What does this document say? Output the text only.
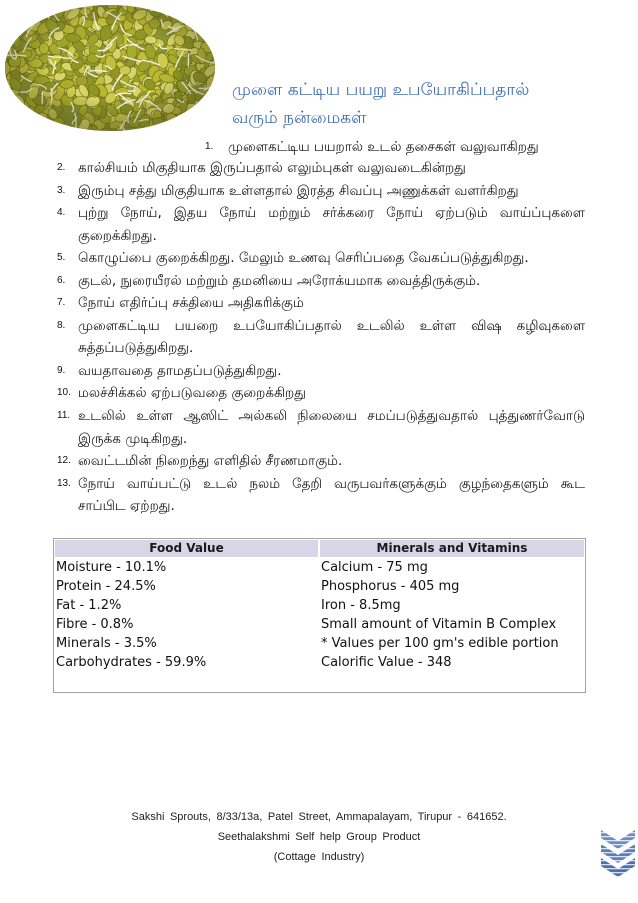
முளை கட்டிய பயறு உபயோகிப்பதால்
வரும் நன்மைகள்
1. முளைகட்டிய பயறால் உடல் தசைகள் வலுவாகிறது
2. கால்சியம் மிகுதியாக இருப்பதால் எலும்புகள் வலுவடைகின்றது
3. இரும்பு சத்து மிகுதியாக உள்ளதால் இரத்த சிவப்பு அணுக்கள் வளர்கிறது
4. புற்று நோய், இதய நோய் மற்றும் சர்க்கரை நோய் ஏற்படும் வாய்ப்புகளை
குறைக்கிறது.
5. கொழுப்பை குறைக்கிறது. மேலும் உணவு செரிப்பதை வேகப்படுத்துகிறது.
6. குடல், நுரையீரல் மற்றும் தமனியை அரோக்யமாக வைத்திருக்கும்.
7. நோய் எதிர்ப்பு சக்தியை அதிகரிக்கும்
8. முளைகட்டிய பயறை உபயோகிப்பதால் உடலில் உள்ள விஷ கழிவுகளை
சுத்தப்படுத்துகிறது.
9. வயதாவதை தாமதப்படுத்துகிறது.
10. மலச்சிக்கல் ஏற்படுவதை குறைக்கிறது
11. உடலில் உள்ள ஆஸிட் அல்கலி நிலையை சமப்படுத்துவதால் புத்துணர்வோடு
இருக்க முடிகிறது.
12. வைட்டமின் நிறைந்து எளிதில் சீரணமாகும்.
13. நோய் வாய்பட்டு உடல் நலம் தேறி வருபவர்களுக்கும் குழந்தைகளும் கூட
சாப்பிட ஏற்றது.
Food Value	Minerals and Vitamins
Moisture - 10.1%	Calcium - 75 mg
Protein - 24.5%	Phosphorus - 405 mg
Fat - 1.2%	Iron - 8.5mg
Fibre - 0.8%	Small amount of Vitamin B Complex
Minerals - 3.5%	* Values per 100 gm's edible portion
Carbohydrates - 59.9%	Calorific Value - 348
Sakshi Sprouts, 8/33/13a, Patel Street, Ammapalayam, Tirupur - 641652.
Seethalakshmi Self help Group Product
(Cottage Industry)
